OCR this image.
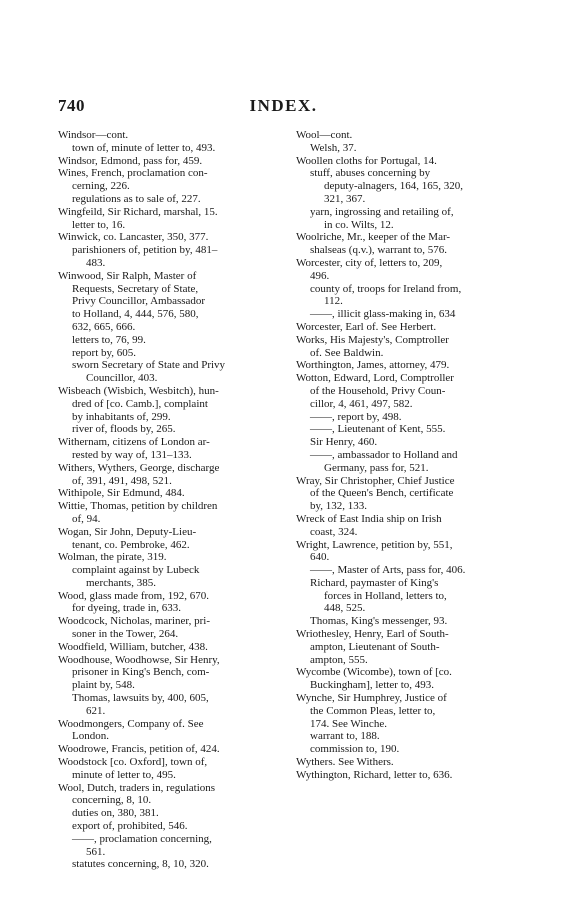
740	INDEX.
Windsor—cont.
town of, minute of letter to, 493.
Windsor, Edmond, pass for, 459.
Wines, French, proclamation con-
cerning, 226.
regulations as to sale of, 227.
Wingfeild, Sir Richard, marshal, 15.
letter to, 16.
Winwick, co. Lancaster, 350, 377.
parishioners of, petition by, 481–
483.
Winwood, Sir Ralph, Master of
Requests, Secretary of State,
Privy Councillor, Ambassador
to Holland, 4, 444, 576, 580,
632, 665, 666.
letters to, 76, 99.
report by, 605.
sworn Secretary of State and Privy
Councillor, 403.
Wisbeach (Wisbich, Wesbitch), hun-
dred of [co. Camb.], complaint
by inhabitants of, 299.
river of, floods by, 265.
Withernam, citizens of London ar-
rested by way of, 131–133.
Withers, Wythers, George, discharge
of, 391, 491, 498, 521.
Withipole, Sir Edmund, 484.
Wittie, Thomas, petition by children
of, 94.
Wogan, Sir John, Deputy-Lieu-
tenant, co. Pembroke, 462.
Wolman, the pirate, 319.
complaint against by Lubeck
merchants, 385.
Wood, glass made from, 192, 670.
for dyeing, trade in, 633.
Woodcock, Nicholas, mariner, pri-
soner in the Tower, 264.
Woodfield, William, butcher, 438.
Woodhouse, Woodhowse, Sir Henry,
prisoner in King's Bench, com-
plaint by, 548.
Thomas, lawsuits by, 400, 605,
621.
Woodmongers, Company of. See
London.
Woodrowe, Francis, petition of, 424.
Woodstock [co. Oxford], town of,
minute of letter to, 495.
Wool, Dutch, traders in, regulations
concerning, 8, 10.
duties on, 380, 381.
export of, prohibited, 546.
——, proclamation concerning,
561.
statutes concerning, 8, 10, 320.
Wool—cont.
Welsh, 37.
Woollen cloths for Portugal, 14.
stuff, abuses concerning by
deputy-alnagers, 164, 165, 320,
321, 367.
yarn, ingrossing and retailing of,
in co. Wilts, 12.
Woolriche, Mr., keeper of the Mar-
shalseas (q.v.), warrant to, 576.
Worcester, city of, letters to, 209,
496.
county of, troops for Ireland from,
112.
——, illicit glass-making in, 634
Worcester, Earl of. See Herbert.
Works, His Majesty's, Comptroller
of. See Baldwin.
Worthington, James, attorney, 479.
Wotton, Edward, Lord, Comptroller
of the Household, Privy Coun-
cillor, 4, 461, 497, 582.
——, report by, 498.
——, Lieutenant of Kent, 555.
Sir Henry, 460.
——, ambassador to Holland and
Germany, pass for, 521.
Wray, Sir Christopher, Chief Justice
of the Queen's Bench, certificate
by, 132, 133.
Wreck of East India ship on Irish
coast, 324.
Wright, Lawrence, petition by, 551,
640.
——, Master of Arts, pass for, 406.
Richard, paymaster of King's
forces in Holland, letters to,
448, 525.
Thomas, King's messenger, 93.
Wriothesley, Henry, Earl of South-
ampton, Lieutenant of South-
ampton, 555.
Wycombe (Wicombe), town of [co.
Buckingham], letter to, 493.
Wynche, Sir Humphrey, Justice of
the Common Pleas, letter to,
174. See Winche.
warrant to, 188.
commission to, 190.
Wythers. See Withers.
Wythington, Richard, letter to, 636.
